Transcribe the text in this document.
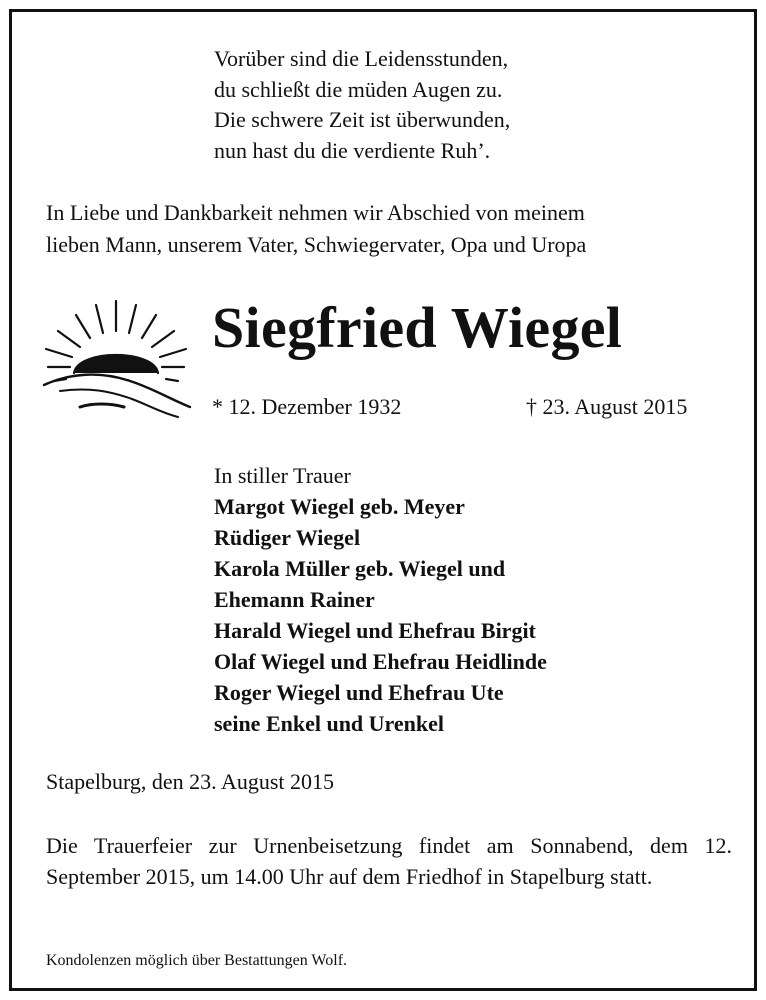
Vorüber sind die Leidensstunden,
du schließt die müden Augen zu.
Die schwere Zeit ist überwunden,
nun hast du die verdiente Ruh’.
In Liebe und Dankbarkeit nehmen wir Abschied von meinem
lieben Mann, unserem Vater, Schwiegervater, Opa und Uropa
Siegfried Wiegel
* 12. Dezember 1932	† 23. August 2015
In stiller Trauer
Margot Wiegel geb. Meyer
Rüdiger Wiegel
Karola Müller geb. Wiegel und
Ehemann Rainer
Harald Wiegel und Ehefrau Birgit
Olaf Wiegel und Ehefrau Heidlinde
Roger Wiegel und Ehefrau Ute
seine Enkel und Urenkel
Stapelburg, den 23. August 2015
Die Trauerfeier zur Urnenbeisetzung findet am Sonnabend, dem 12. September 2015, um 14.00 Uhr auf dem Friedhof in Stapelburg statt.
Kondolenzen möglich über Bestattungen Wolf.
